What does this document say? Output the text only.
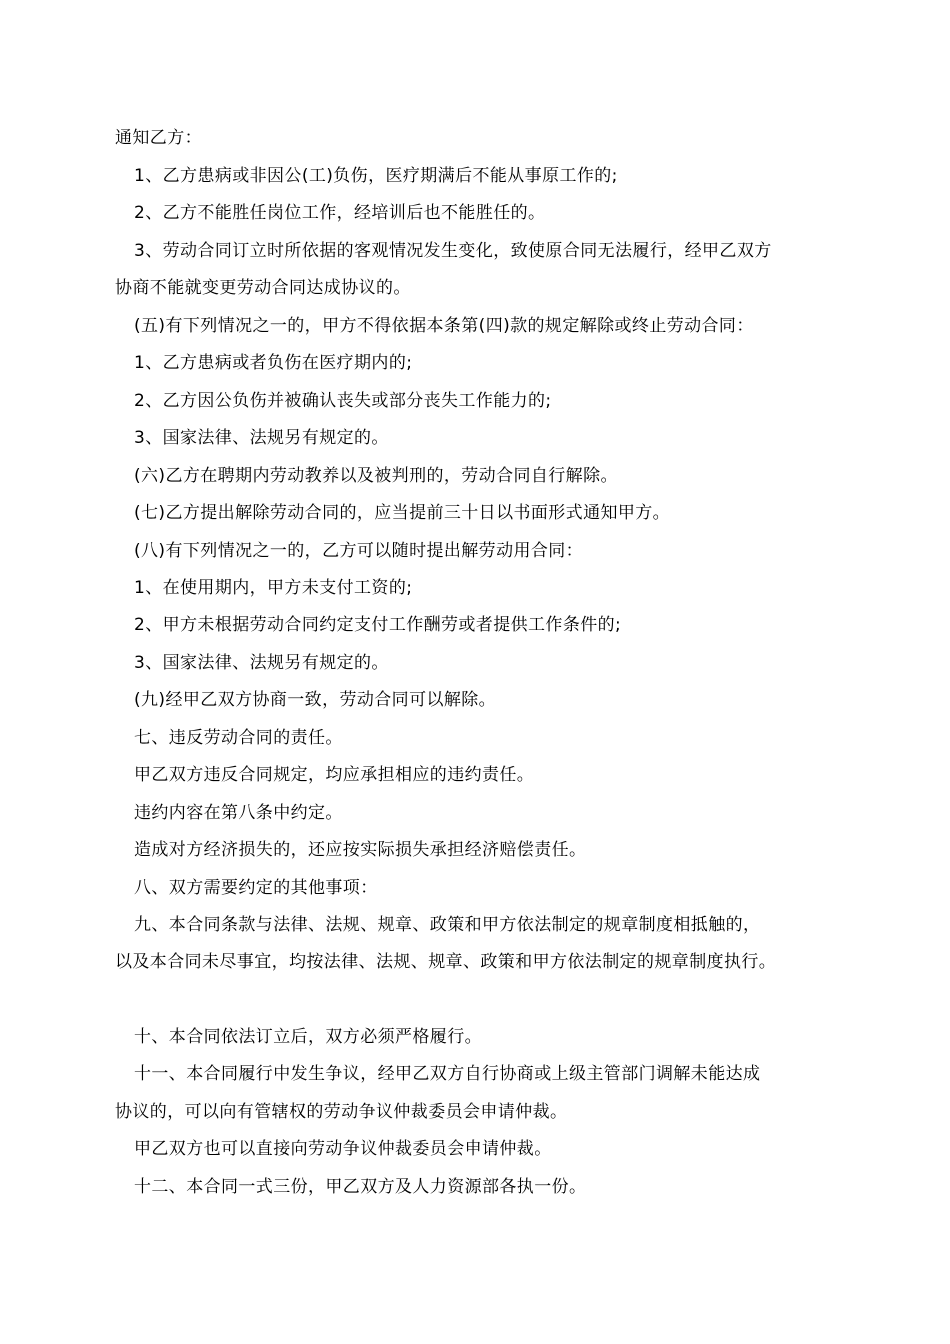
通知乙方：
1、乙方患病或非因公(工)负伤，医疗期满后不能从事原工作的;
2、乙方不能胜任岗位工作，经培训后也不能胜任的。
3、劳动合同订立时所依据的客观情况发生变化，致使原合同无法履行，经甲乙双方
协商不能就变更劳动合同达成协议的。
(五)有下列情况之一的，甲方不得依据本条第(四)款的规定解除或终止劳动合同：
1、乙方患病或者负伤在医疗期内的;
2、乙方因公负伤并被确认丧失或部分丧失工作能力的;
3、国家法律、法规另有规定的。
(六)乙方在聘期内劳动教养以及被判刑的，劳动合同自行解除。
(七)乙方提出解除劳动合同的，应当提前三十日以书面形式通知甲方。
(八)有下列情况之一的，乙方可以随时提出解劳动用合同：
1、在使用期内，甲方未支付工资的;
2、甲方未根据劳动合同约定支付工作酬劳或者提供工作条件的;
3、国家法律、法规另有规定的。
(九)经甲乙双方协商一致，劳动合同可以解除。
七、违反劳动合同的责任。
甲乙双方违反合同规定，均应承担相应的违约责任。
违约内容在第八条中约定。
造成对方经济损失的，还应按实际损失承担经济赔偿责任。
八、双方需要约定的其他事项：
九、本合同条款与法律、法规、规章、政策和甲方依法制定的规章制度相抵触的，
以及本合同未尽事宜，均按法律、法规、规章、政策和甲方依法制定的规章制度执行。
十、本合同依法订立后，双方必须严格履行。
十一、本合同履行中发生争议，经甲乙双方自行协商或上级主管部门调解未能达成
协议的，可以向有管辖权的劳动争议仲裁委员会申请仲裁。
甲乙双方也可以直接向劳动争议仲裁委员会申请仲裁。
十二、本合同一式三份，甲乙双方及人力资源部各执一份。
